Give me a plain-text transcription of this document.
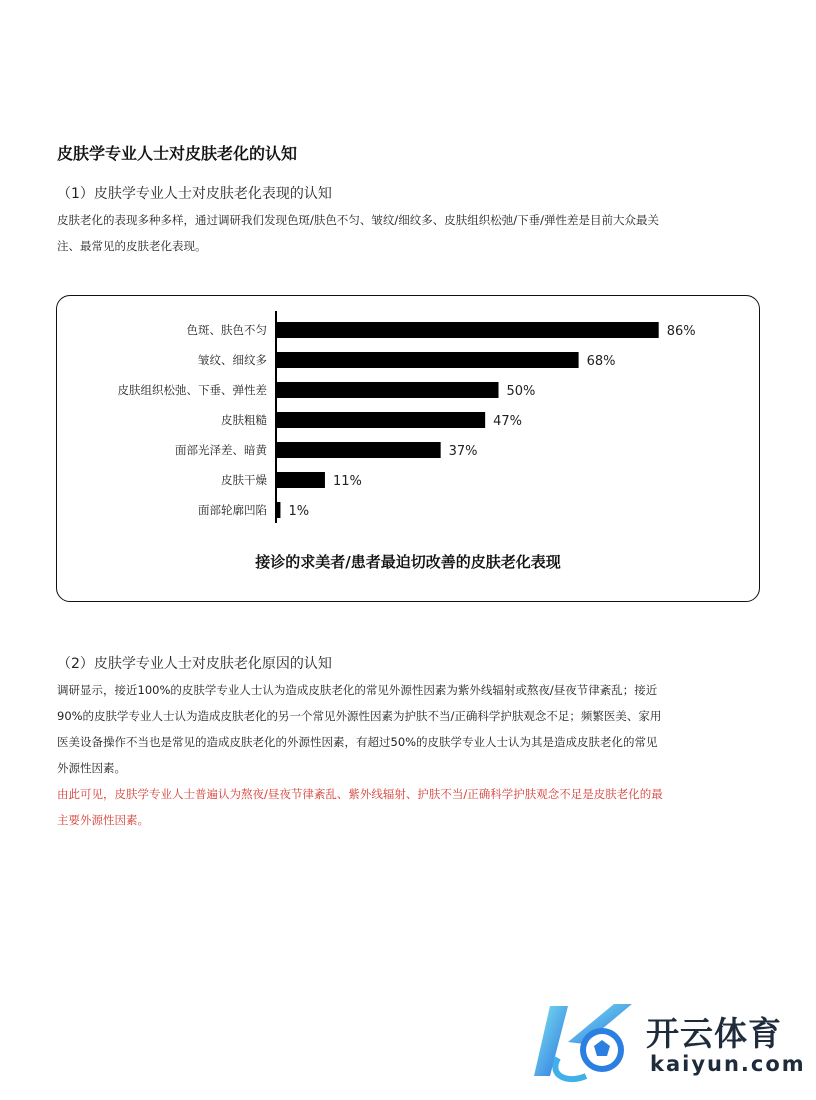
皮肤学专业人士对皮肤老化的认知
（1）皮肤学专业人士对皮肤老化表现的认知
皮肤老化的表现多种多样，通过调研我们发现色斑/肤色不匀、皱纹/细纹多、皮肤组织松弛/下垂/弹性差是目前大众最关
注、最常见的皮肤老化表现。
色斑、肤色不匀	86%
皱纹、细纹多	68%
皮肤组织松弛、下垂、弹性差	50%
皮肤粗糙	47%
面部光泽差、暗黄	37%
皮肤干燥	11%
面部轮廓凹陷 1%
接诊的求美者/患者最迫切改善的皮肤老化表现
（2）皮肤学专业人士对皮肤老化原因的认知
调研显示，接近100%的皮肤学专业人士认为造成皮肤老化的常见外源性因素为紫外线辐射或熬夜/昼夜节律紊乱；接近
90%的皮肤学专业人士认为造成皮肤老化的另一个常见外源性因素为护肤不当/正确科学护肤观念不足；频繁医美、家用
医美设备操作不当也是常见的造成皮肤老化的外源性因素，有超过50%的皮肤学专业人士认为其是造成皮肤老化的常见
外源性因素。
由此可见，皮肤学专业人士普遍认为熬夜/昼夜节律紊乱、紫外线辐射、护肤不当/正确科学护肤观念不足是皮肤老化的最
主要外源性因素。
开云体育
kaiyun.com
